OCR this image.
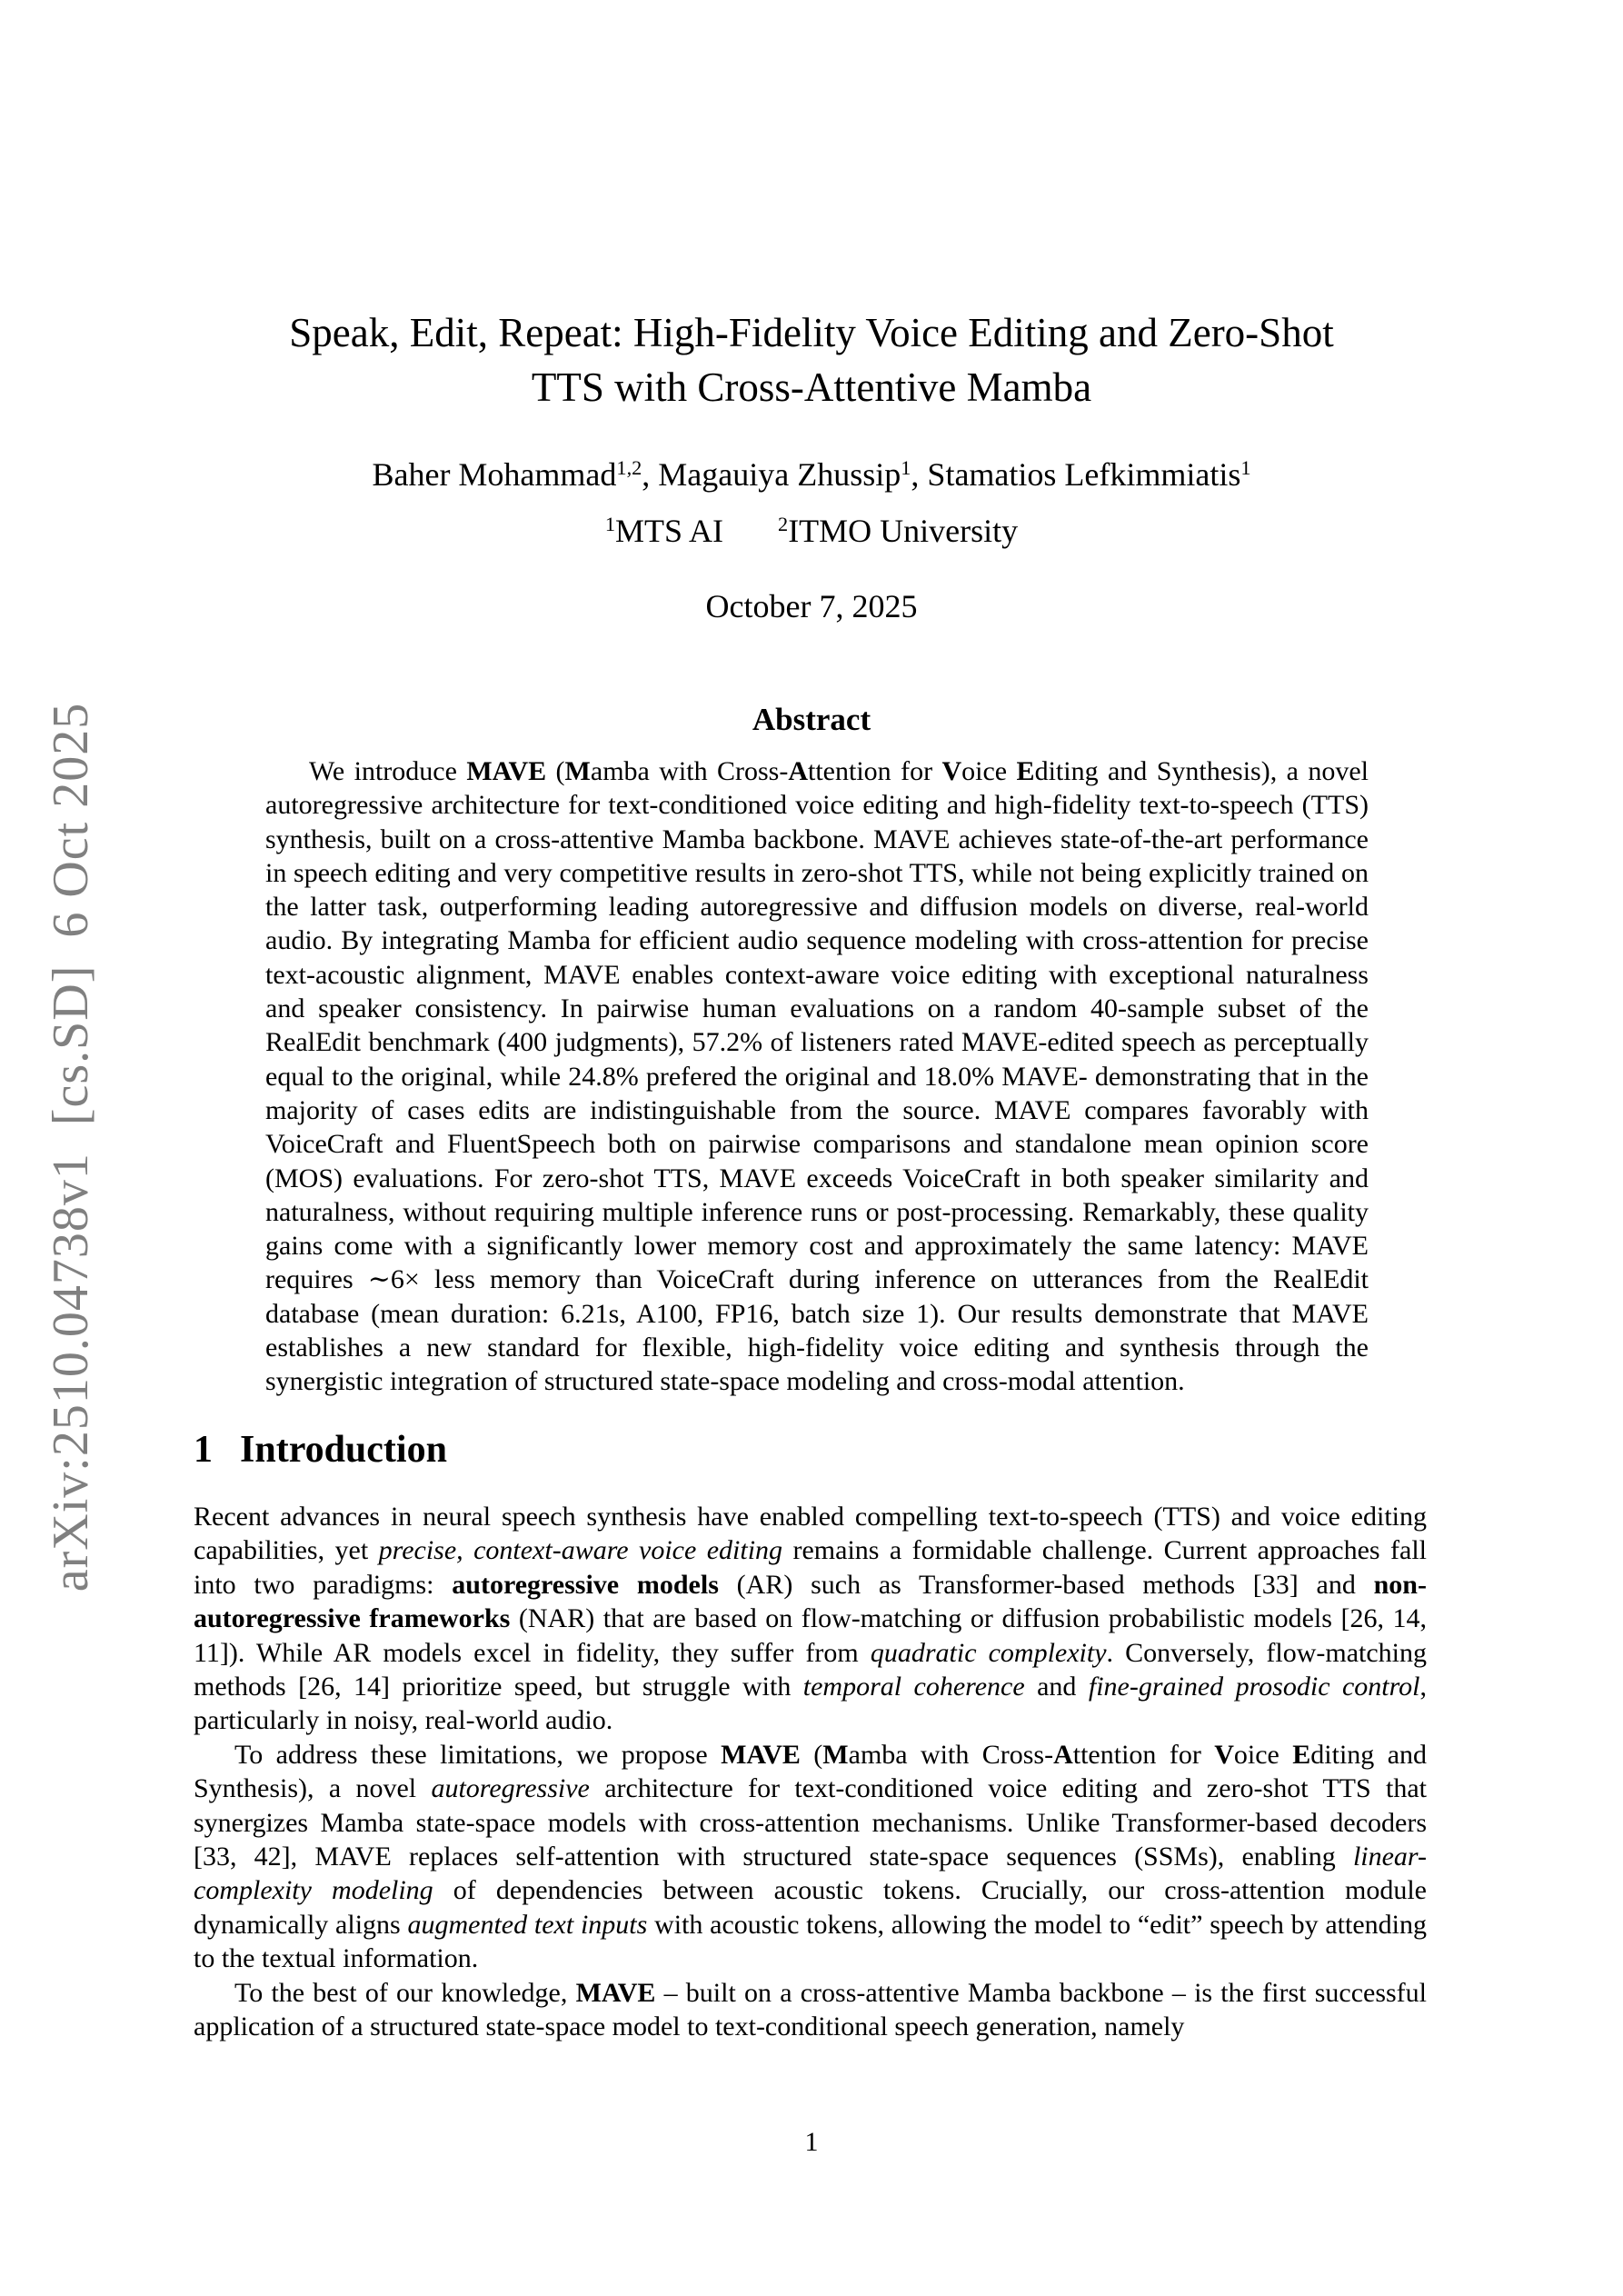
arXiv:2510.04738v1  [cs.SD]  6 Oct 2025
Speak, Edit, Repeat: High-Fidelity Voice Editing and Zero-Shot
TTS with Cross-Attentive Mamba
Baher Mohammad$^{1,2}$, Magauiya Zhussip$^1$, Stamatios Lefkimmiatis$^1$
$^1$MTS AI	$^2$ITMO University
October 7, 2025
Abstract

We introduce MAVE (Mamba with Cross-Attention for Voice Editing and Synthesis), a novel autoregressive architecture for text-conditioned voice editing and high-fidelity text-to-speech (TTS) synthesis, built on a cross-attentive Mamba backbone. MAVE achieves state-of-the-art performance in speech editing and very competitive results in zero-shot TTS, while not being explicitly trained on the latter task, outperforming leading autoregressive and diffusion models on diverse, real-world audio. By integrating Mamba for efficient audio sequence modeling with cross-attention for precise text-acoustic alignment, MAVE enables context-aware voice editing with exceptional naturalness and speaker consistency. In pairwise human evaluations on a random 40-sample subset of the RealEdit benchmark (400 judgments), 57.2% of listeners rated MAVE-edited speech as perceptually equal to the original, while 24.8% prefered the original and 18.0% MAVE- demonstrating that in the majority of cases edits are indistinguishable from the source. MAVE compares favorably with VoiceCraft and FluentSpeech both on pairwise comparisons and standalone mean opinion score (MOS) evaluations. For zero-shot TTS, MAVE exceeds VoiceCraft in both speaker similarity and naturalness, without requiring multiple inference runs or post-processing. Remarkably, these quality gains come with a significantly lower memory cost and approximately the same latency: MAVE requires ∼6× less memory than VoiceCraft during inference on utterances from the RealEdit database (mean duration: 6.21s, A100, FP16, batch size 1). Our results demonstrate that MAVE establishes a new standard for flexible, high-fidelity voice editing and synthesis through the synergistic integration of structured state-space modeling and cross-modal attention.

1 Introduction

Recent advances in neural speech synthesis have enabled compelling text-to-speech (TTS) and voice editing capabilities, yet precise, context-aware voice editing remains a formidable challenge. Current approaches fall into two paradigms: autoregressive models (AR) such as Transformer-based methods [33] and non-autoregressive frameworks (NAR) that are based on flow-matching or diffusion probabilistic models [26, 14, 11]). While AR models excel in fidelity, they suffer from quadratic complexity. Conversely, flow-matching methods [26, 14] prioritize speed, but struggle with temporal coherence and fine-grained prosodic control, particularly in noisy, real-world audio.

To address these limitations, we propose MAVE (Mamba with Cross-Attention for Voice Editing and Synthesis), a novel autoregressive architecture for text-conditioned voice editing and zero-shot TTS that synergizes Mamba state-space models with cross-attention mechanisms. Unlike Transformer-based decoders [33, 42], MAVE replaces self-attention with structured state-space sequences (SSMs), enabling linear-complexity modeling of dependencies between acoustic tokens. Crucially, our cross-attention module dynamically aligns augmented text inputs with acoustic tokens, allowing the model to “edit” speech by attending to the textual information.

To the best of our knowledge, MAVE – built on a cross-attentive Mamba backbone – is the first successful application of a structured state-space model to text-conditional speech generation, namely

1
